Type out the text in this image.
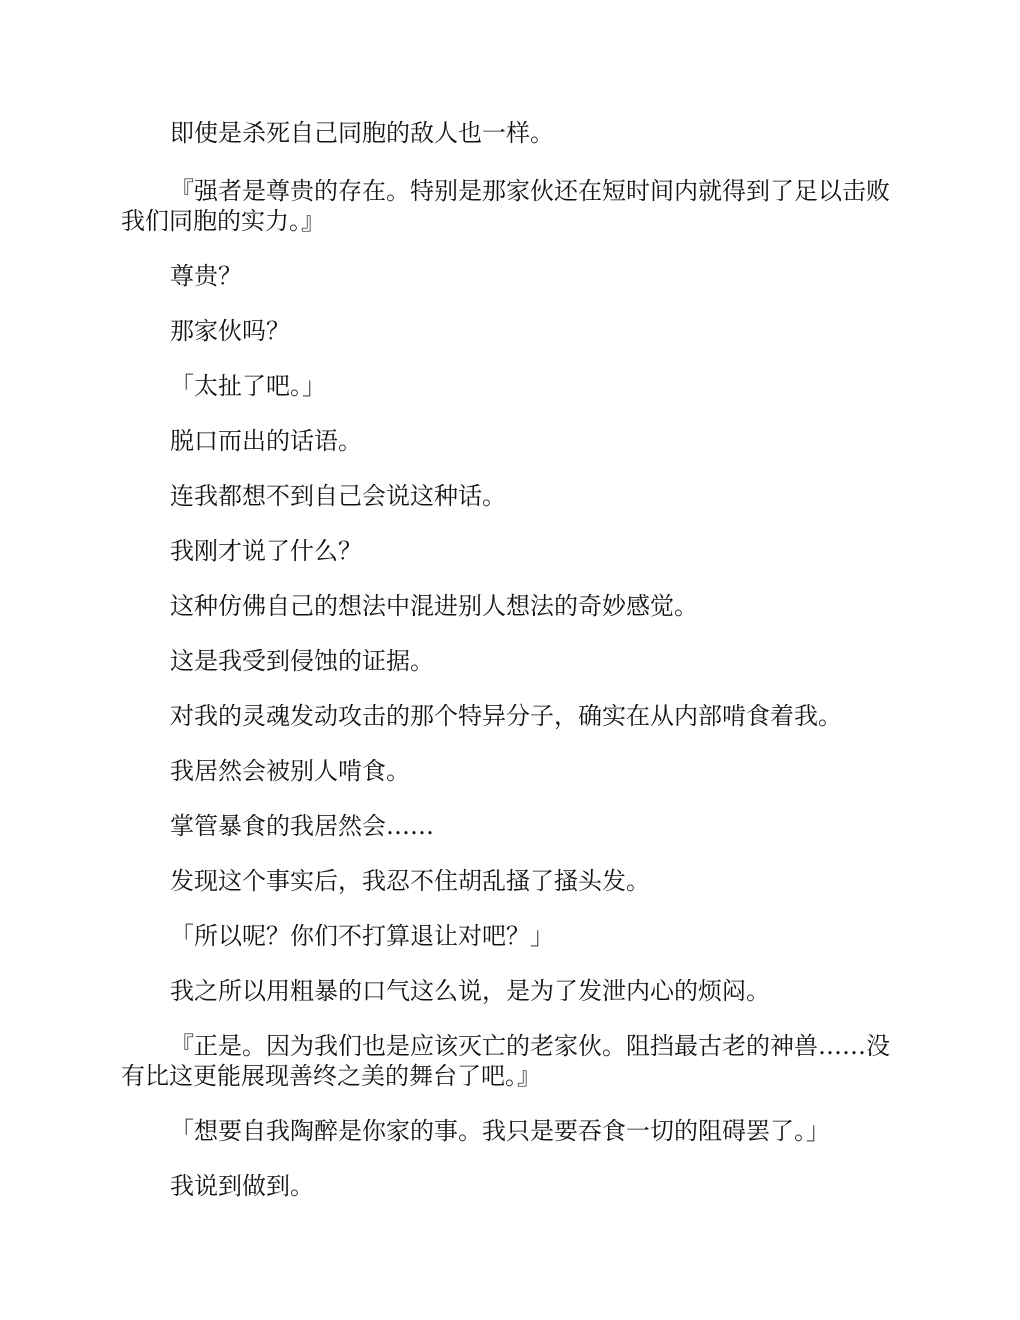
即使是杀死自己同胞的敌人也一样。

『强者是尊贵的存在。特别是那家伙还在短时间内就得到了足以击败我们同胞的实力。』

尊贵？

那家伙吗？

「太扯了吧。」

脱口而出的话语。

连我都想不到自己会说这种话。

我刚才说了什么？

这种仿佛自己的想法中混进别人想法的奇妙感觉。

这是我受到侵蚀的证据。

对我的灵魂发动攻击的那个特异分子，确实在从内部啃食着我。

我居然会被别人啃食。

掌管暴食的我居然会……

发现这个事实后，我忍不住胡乱搔了搔头发。

「所以呢？你们不打算退让对吧？」

我之所以用粗暴的口气这么说，是为了发泄内心的烦闷。

『正是。因为我们也是应该灭亡的老家伙。阻挡最古老的神兽……没有比这更能展现善终之美的舞台了吧。』

「想要自我陶醉是你家的事。我只是要吞食一切的阻碍罢了。」

我说到做到。
